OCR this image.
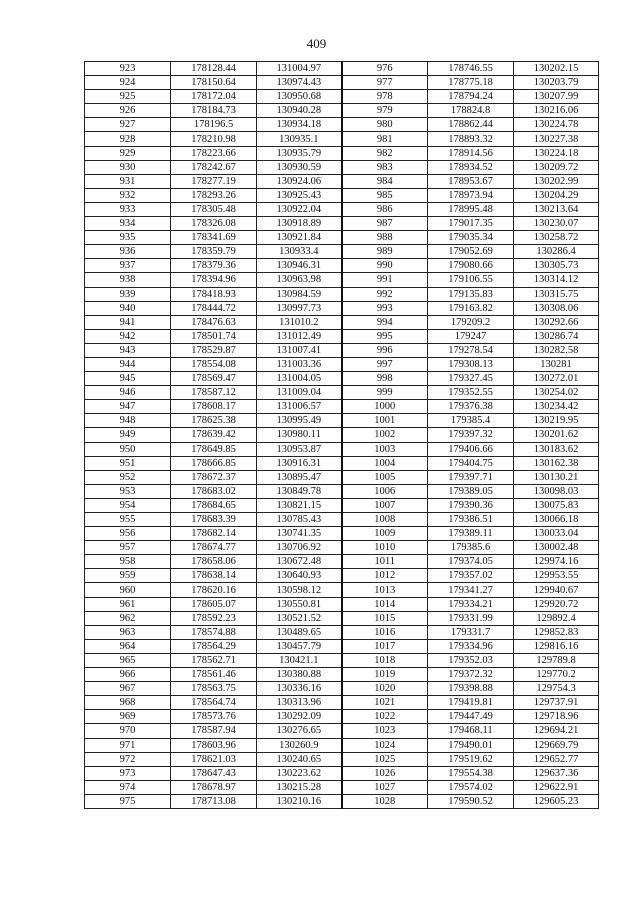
409
923	178128.44	131004.97	976	178746.55	130202.15
924	178150.64	130974.43	977	178775.18	130203.79
925	178172.04	130950.68	978	178794.24	130207.99
926	178184.73	130940.28	979	178824.8	130216.06
927	178196.5	130934.18	980	178862.44	130224.78
928	178210.98	130935.1	981	178893.32	130227.38
929	178223.66	130935.79	982	178914.56	130224.18
930	178242.67	130930.59	983	178934.52	130209.72
931	178277.19	130924.06	984	178953.67	130202.99
932	178293.26	130925.43	985	178973.94	130204.29
933	178305.48	130922.04	986	178995.48	130213.64
934	178326.08	130918.89	987	179017.35	130230.07
935	178341.69	130921.84	988	179035.34	130258.72
936	178359.79	130933.4	989	179052.69	130286.4
937	178379.36	130946.31	990	179080.66	130305.73
938	178394.96	130963.98	991	179106.55	130314.12
939	178418.93	130984.59	992	179135.83	130315.75
940	178444.72	130997.73	993	179163.82	130308.06
941	178476.63	131010.2	994	179209.2	130292.66
942	178501.74	131012.49	995	179247	130286.74
943	178529.87	131007.41	996	179278.54	130282.58
944	178554.08	131003.36	997	179308.13	130281
945	178569.47	131004.05	998	179327.45	130272.01
946	178587.12	131009.04	999	179352.55	130254.02
947	178608.17	131006.57	1000	179376.38	130234.42
948	178625.38	130995.49	1001	179385.4	130219.95
949	178639.42	130980.11	1002	179397.32	130201.62
950	178649.85	130953.87	1003	179406.66	130183.62
951	178666.85	130916.31	1004	179404.75	130162.38
952	178672.37	130895.47	1005	179397.71	130130.21
953	178683.02	130849.78	1006	179389.05	130098.03
954	178684.65	130821.15	1007	179390.36	130075.83
955	178683.39	130785.43	1008	179386.51	130066.18
956	178682.14	130741.35	1009	179389.11	130033.04
957	178674.77	130706.92	1010	179385.6	130002.48
958	178658.06	130672.48	1011	179374.05	129974.16
959	178638.14	130640.93	1012	179357.02	129953.55
960	178620.16	130598.12	1013	179341.27	129940.67
961	178605.07	130550.81	1014	179334.21	129920.72
962	178592.23	130521.52	1015	179331.99	129892.4
963	178574.88	130489.65	1016	179331.7	129852.83
964	178564.29	130457.79	1017	179334.96	129816.16
965	178562.71	130421.1	1018	179352.03	129789.8
966	178561.46	130380.88	1019	179372.32	129770.2
967	178563.75	130336.16	1020	179398.88	129754.3
968	178564.74	130313.96	1021	179419.81	129737.91
969	178573.76	130292.09	1022	179447.49	129718.96
970	178587.94	130276.65	1023	179468.11	129694.21
971	178603.96	130260.9	1024	179490.01	129669.79
972	178621.03	130240.65	1025	179519.62	129652.77
973	178647.43	130223.62	1026	179554.38	129637.36
974	178678.97	130215.28	1027	179574.02	129622.91
975	178713.08	130210.16	1028	179590.52	129605.23
